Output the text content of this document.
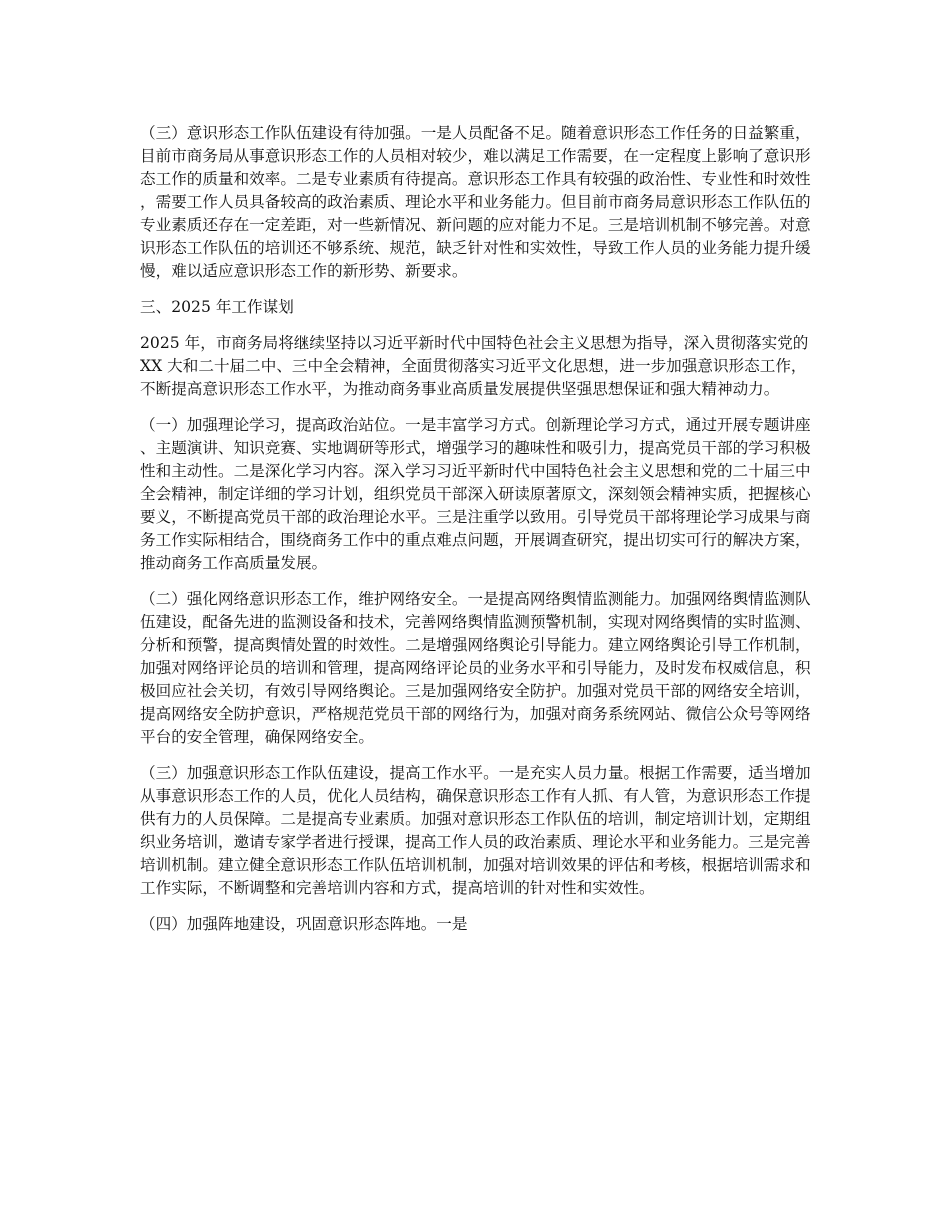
（三）意识形态工作队伍建设有待加强。一是人员配备不足。随着意识形态工作任务的日益繁重，目前市商务局从事意识形态工作的人员相对较少，难以满足工作需要，在一定程度上影响了意识形态工作的质量和效率。二是专业素质有待提高。意识形态工作具有较强的政治性、专业性和时效性，需要工作人员具备较高的政治素质、理论水平和业务能力。但目前市商务局意识形态工作队伍的专业素质还存在一定差距，对一些新情况、新问题的应对能力不足。三是培训机制不够完善。对意识形态工作队伍的培训还不够系统、规范，缺乏针对性和实效性，导致工作人员的业务能力提升缓慢，难以适应意识形态工作的新形势、新要求。

三、2025 年工作谋划

2025 年，市商务局将继续坚持以习近平新时代中国特色社会主义思想为指导，深入贯彻落实党的 XX 大和二十届二中、三中全会精神，全面贯彻落实习近平文化思想，进一步加强意识形态工作，不断提高意识形态工作水平，为推动商务事业高质量发展提供坚强思想保证和强大精神动力。

（一）加强理论学习，提高政治站位。一是丰富学习方式。创新理论学习方式，通过开展专题讲座、主题演讲、知识竞赛、实地调研等形式，增强学习的趣味性和吸引力，提高党员干部的学习积极性和主动性。二是深化学习内容。深入学习习近平新时代中国特色社会主义思想和党的二十届三中全会精神，制定详细的学习计划，组织党员干部深入研读原著原文，深刻领会精神实质，把握核心要义，不断提高党员干部的政治理论水平。三是注重学以致用。引导党员干部将理论学习成果与商务工作实际相结合，围绕商务工作中的重点难点问题，开展调查研究，提出切实可行的解决方案，推动商务工作高质量发展。

（二）强化网络意识形态工作，维护网络安全。一是提高网络舆情监测能力。加强网络舆情监测队伍建设，配备先进的监测设备和技术，完善网络舆情监测预警机制，实现对网络舆情的实时监测、分析和预警，提高舆情处置的时效性。二是增强网络舆论引导能力。建立网络舆论引导工作机制，加强对网络评论员的培训和管理，提高网络评论员的业务水平和引导能力，及时发布权威信息，积极回应社会关切，有效引导网络舆论。三是加强网络安全防护。加强对党员干部的网络安全培训，提高网络安全防护意识，严格规范党员干部的网络行为，加强对商务系统网站、微信公众号等网络平台的安全管理，确保网络安全。

（三）加强意识形态工作队伍建设，提高工作水平。一是充实人员力量。根据工作需要，适当增加从事意识形态工作的人员，优化人员结构，确保意识形态工作有人抓、有人管，为意识形态工作提供有力的人员保障。二是提高专业素质。加强对意识形态工作队伍的培训，制定培训计划，定期组织业务培训，邀请专家学者进行授课，提高工作人员的政治素质、理论水平和业务能力。三是完善培训机制。建立健全意识形态工作队伍培训机制，加强对培训效果的评估和考核，根据培训需求和工作实际，不断调整和完善培训内容和方式，提高培训的针对性和实效性。

（四）加强阵地建设，巩固意识形态阵地。一是
